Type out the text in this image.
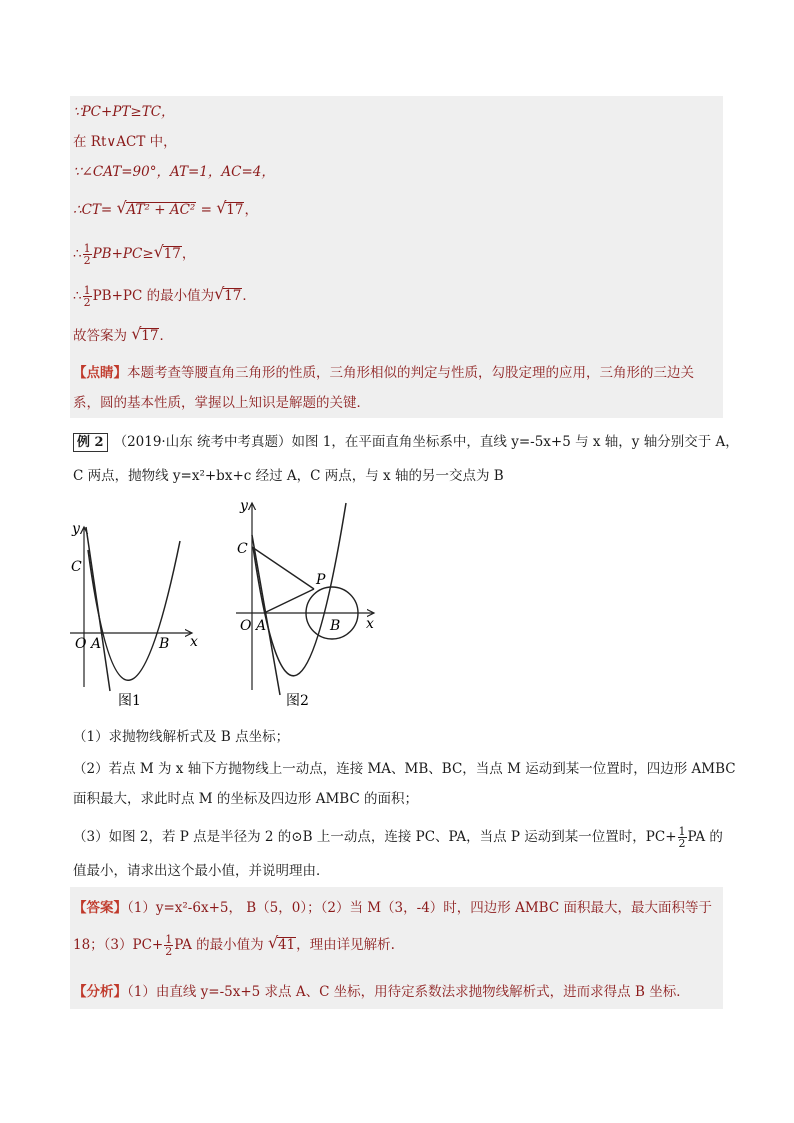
∵PC+PT≥TC，
在 Rt∨ACT 中，
∵∠CAT=90°，AT=1，AC=4，
∴CT= √ AT² + AC² = √ 17，
∴ $\frac{1}{2} PB+PC\ge$ √ 17，
∴ $\frac{1}{2} PB+PC$ 的最小值为 √ 17．
故答案为 √ 17．
【点睛】本题考查等腰直角三角形的性质，三角形相似的判定与性质，勾股定理的应用，三角形的三边关
系，圆的基本性质，掌握以上知识是解题的关键．
例 2 （2019·山东 统考中考真题）如图 1，在平面直角坐标系中，直线 y=-5x+5 与 x 轴，y 轴分别交于 A，
C 两点，抛物线 y=x²+bx+c 经过 A，C 两点，与 x 轴的另一交点为 B
y
C
O A	B x
图1
y
C
P
O A	B x
图2
（1）求抛物线解析式及 B 点坐标；
（2）若点 M 为 x 轴下方抛物线上一动点，连接 MA、MB、BC，当点 M 运动到某一位置时，四边形 AMBC
面积最大，求此时点 M 的坐标及四边形 AMBC 的面积；
（3）如图 2，若 P 点是半径为 2 的⊙B 上一动点，连接 PC、PA，当点 P 运动到某一位置时，$PC+ \frac{1}{2}$ PA 的
值最小，请求出这个最小值，并说明理由．
【答案】（1）y=x²-6x+5， B（5，0）；（2）当 M（3，-4）时，四边形 AMBC 面积最大，最大面积等于
18；$(3)PC+ \frac{1}{2}$ PA 的最小值为 √ 41，理由详见解析.
【分析】（1）由直线 y=-5x+5 求点 A、C 坐标，用待定系数法求抛物线解析式，进而求得点 B 坐标．
